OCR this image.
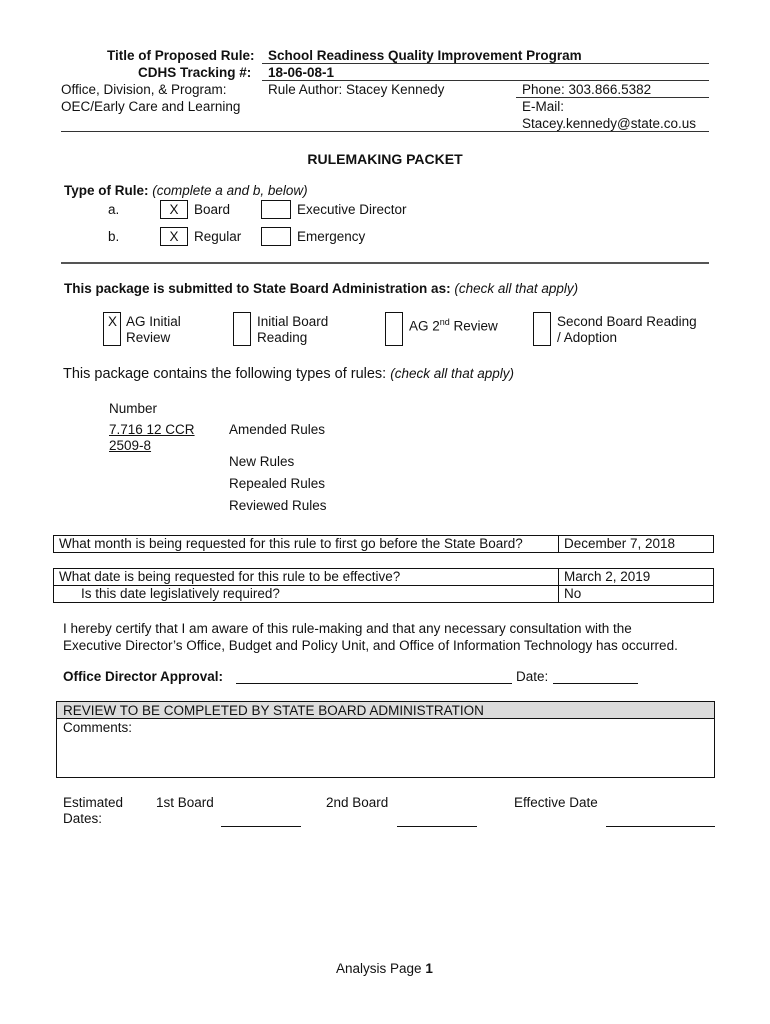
Title of Proposed Rule: School Readiness Quality Improvement Program
CDHS Tracking #: 18-06-08-1
Office, Division, & Program:	Rule Author: Stacey Kennedy	Phone: 303.866.5382
OEC/Early Care and Learning	E-Mail:
Stacey.kennedy@state.co.us
RULEMAKING PACKET
Type of Rule: (complete a and b, below)
a.	X	Board	Executive Director
b.	X	Regular	Emergency
This package is submitted to State Board Administration as: (check all that apply)
X AG Initial
Review
Initial Board
Reading
AG 2nd Review	Second Board Reading
/ Adoption
This package contains the following types of rules: (check all that apply)
Number
7.716 12 CCR
2509-8
Amended Rules
New Rules
Repealed Rules
Reviewed Rules
What month is being requested for this rule to first go before the State Board?	December 7, 2018
What date is being requested for this rule to be effective?	March 2, 2019
Is this date legislatively required?	No
I hereby certify that I am aware of this rule-making and that any necessary consultation with the
Executive Director’s Office, Budget and Policy Unit, and Office of Information Technology has occurred.
Office Director Approval:	Date:
REVIEW TO BE COMPLETED BY STATE BOARD ADMINISTRATION
Comments:
Estimated
Dates:
1st Board	2nd Board	Effective Date
Analysis Page 1
